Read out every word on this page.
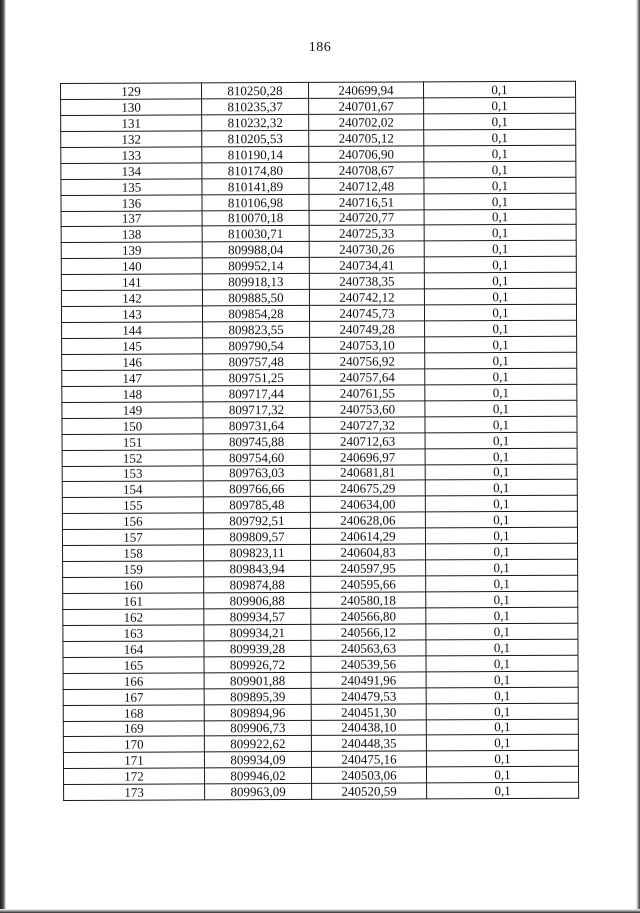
186
129	810250,28	240699,94	0,1
130	810235,37	240701,67	0,1
131	810232,32	240702,02	0,1
132	810205,53	240705,12	0,1
133	810190,14	240706,90	0,1
134	810174,80	240708,67	0,1
135	810141,89	240712,48	0,1
136	810106,98	240716,51	0,1
137	810070,18	240720,77	0,1
138	810030,71	240725,33	0,1
139	809988,04	240730,26	0,1
140	809952,14	240734,41	0,1
141	809918,13	240738,35	0,1
142	809885,50	240742,12	0,1
143	809854,28	240745,73	0,1
144	809823,55	240749,28	0,1
145	809790,54	240753,10	0,1
146	809757,48	240756,92	0,1
147	809751,25	240757,64	0,1
148	809717,44	240761,55	0,1
149	809717,32	240753,60	0,1
150	809731,64	240727,32	0,1
151	809745,88	240712,63	0,1
152	809754,60	240696,97	0,1
153	809763,03	240681,81	0,1
154	809766,66	240675,29	0,1
155	809785,48	240634,00	0,1
156	809792,51	240628,06	0,1
157	809809,57	240614,29	0,1
158	809823,11	240604,83	0,1
159	809843,94	240597,95	0,1
160	809874,88	240595,66	0,1
161	809906,88	240580,18	0,1
162	809934,57	240566,80	0,1
163	809934,21	240566,12	0,1
164	809939,28	240563,63	0,1
165	809926,72	240539,56	0,1
166	809901,88	240491,96	0,1
167	809895,39	240479,53	0,1
168	809894,96	240451,30	0,1
169	809906,73	240438,10	0,1
170	809922,62	240448,35	0,1
171	809934,09	240475,16	0,1
172	809946,02	240503,06	0,1
173	809963,09	240520,59	0,1
